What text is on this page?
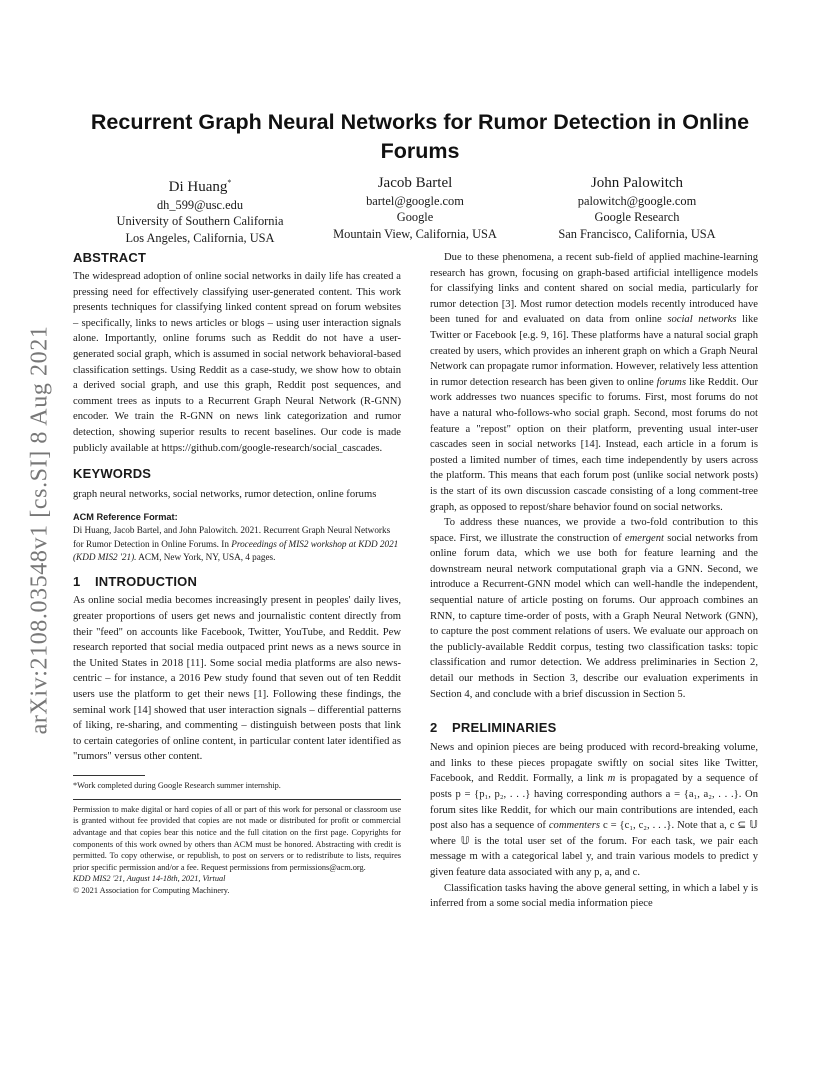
arXiv:2108.03548v1 [cs.SI] 8 Aug 2021
Recurrent Graph Neural Networks for Rumor Detection in Online Forums
Di Huang*
dh_599@usc.edu
University of Southern California
Los Angeles, California, USA
Jacob Bartel
bartel@google.com
Google
Mountain View, California, USA
John Palowitch
palowitch@google.com
Google Research
San Francisco, California, USA
ABSTRACT

The widespread adoption of online social networks in daily life has created a pressing need for effectively classifying user-generated content. This work presents techniques for classifying linked content spread on forum websites – specifically, links to news articles or blogs – using user interaction signals alone. Importantly, online forums such as Reddit do not have a user-generated social graph, which is assumed in social network behavioral-based classification settings. Using Reddit as a case-study, we show how to obtain a derived social graph, and use this graph, Reddit post sequences, and comment trees as inputs to a Recurrent Graph Neural Network (R-GNN) encoder. We train the R-GNN on news link categorization and rumor detection, showing superior results to recent baselines. Our code is made publicly available at https://github.com/google-research/social_cascades.

KEYWORDS

graph neural networks, social networks, rumor detection, online forums

ACM Reference Format:
Di Huang, Jacob Bartel, and John Palowitch. 2021. Recurrent Graph Neural Networks for Rumor Detection in Online Forums. In Proceedings of MIS2 workshop at KDD 2021 (KDD MIS2 '21). ACM, New York, NY, USA, 4 pages.
1 INTRODUCTION

As online social media becomes increasingly present in peoples' daily lives, greater proportions of users get news and journalistic content directly from their "feed" on accounts like Facebook, Twitter, YouTube, and Reddit. Pew research reported that social media outpaced print news as a news source in the United States in 2018 [11]. Some social media platforms are also news-centric – for instance, a 2016 Pew study found that seven out of ten Reddit users use the platform to get their news [1]. Following these findings, the seminal work [14] showed that user interaction signals – differential patterns of liking, re-sharing, and commenting – distinguish between posts that link to certain categories of online content, in particular content later identified as "rumors" versus other content.

*Work completed during Google Research summer internship.
Permission to make digital or hard copies of all or part of this work for personal or classroom use is granted without fee provided that copies are not made or distributed for profit or commercial advantage and that copies bear this notice and the full citation on the first page. Copyrights for components of this work owned by others than ACM must be honored. Abstracting with credit is permitted. To copy otherwise, or republish, to post on servers or to redistribute to lists, requires prior specific permission and/or a fee. Request permissions from permissions@acm.org.
KDD MIS2 '21, August 14-18th, 2021, Virtual
© 2021 Association for Computing Machinery.

Due to these phenomena, a recent sub-field of applied machine-learning research has grown, focusing on graph-based artificial intelligence models for classifying links and content shared on social media, particularly for rumor detection [3]. Most rumor detection models recently introduced have been tuned for and evaluated on data from online social networks like Twitter or Facebook [e.g. 9, 16]. These platforms have a natural social graph created by users, which provides an inherent graph on which a Graph Neural Network can propagate rumor information. However, relatively less attention in rumor detection research has been given to online forums like Reddit. Our work addresses two nuances specific to forums. First, most forums do not have a natural who-follows-who social graph. Second, most forums do not feature a "repost" option on their platform, preventing usual inter-user cascades seen in social networks [14]. Instead, each article in a forum is posted a limited number of times, each time independently by users across the platform. This means that each forum post (unlike social network posts) is the start of its own discussion cascade consisting of a long comment-tree graph, as opposed to repost/share behavior found on social networks.

To address these nuances, we provide a two-fold contribution to this space. First, we illustrate the construction of emergent social networks from online forum data, which we use both for feature learning and the downstream neural network computational graph via a GNN. Second, we introduce a Recurrent-GNN model which can well-handle the independent, sequential nature of article posting on forums. Our approach combines an RNN, to capture time-order of posts, with a Graph Neural Network (GNN), to capture the post comment relations of users. We evaluate our approach on the publicly-available Reddit corpus, testing two classification tasks: topic classification and rumor detection. We address preliminaries in Section 2, detail our methods in Section 3, describe our evaluation experiments in Section 4, and conclude with a brief discussion in Section 5.

2 PRELIMINARIES

News and opinion pieces are being produced with record-breaking volume, and links to these pieces propagate swiftly on social sites like Twitter, Facebook, and Reddit. Formally, a link m is propagated by a sequence of posts p = {p₁, p₂, . . .} having corresponding authors a = {a₁, a₂, . . .}. On forum sites like Reddit, for which our main contributions are intended, each post also has a sequence of commenters c = {c₁, c₂, . . .}. Note that a, c ⊆ 𝕌 where 𝕌 is the total user set of the forum. For each task, we pair each message m with a categorical label y, and train various models to predict y given feature data associated with any p, a, and c.

Classification tasks having the above general setting, in which a label y is inferred from a some social media information piece
